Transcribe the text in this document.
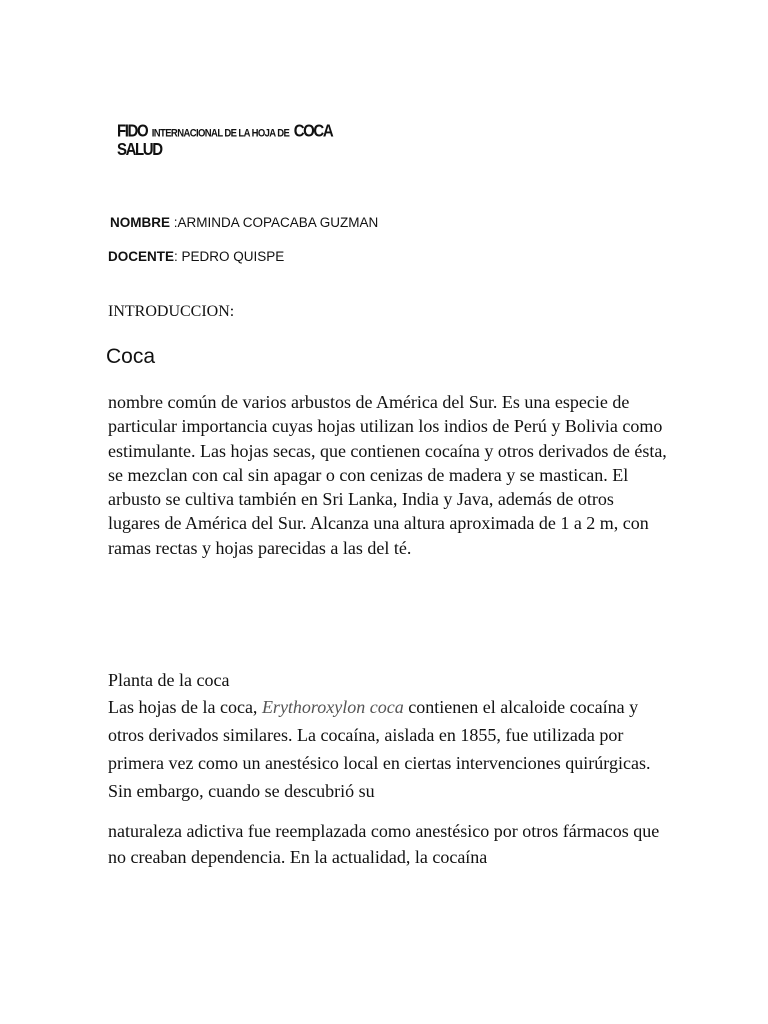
FIDO INTERNACIONAL DE LA HOJA DE COCA
SALUD
NOMBRE :ARMINDA COPACABA GUZMAN
DOCENTE: PEDRO QUISPE
INTRODUCCION:
Coca

nombre común de varios arbustos de América del Sur. Es una especie de particular importancia cuyas hojas utilizan los indios de Perú y Bolivia como estimulante. Las hojas secas, que contienen cocaína y otros derivados de ésta, se mezclan con cal sin apagar o con cenizas de madera y se mastican. El arbusto se cultiva también en Sri Lanka, India y Java, además de otros lugares de América del Sur. Alcanza una altura aproximada de 1 a 2 m, con ramas rectas y hojas parecidas a las del té.

Planta de la coca

Las hojas de la coca, Erythoroxylon coca contienen el alcaloide cocaína y otros derivados similares. La cocaína, aislada en 1855, fue utilizada por primera vez como un anestésico local en ciertas intervenciones quirúrgicas. Sin embargo, cuando se descubrió su

naturaleza adictiva fue reemplazada como anestésico por otros fármacos que no creaban dependencia. En la actualidad, la cocaína
